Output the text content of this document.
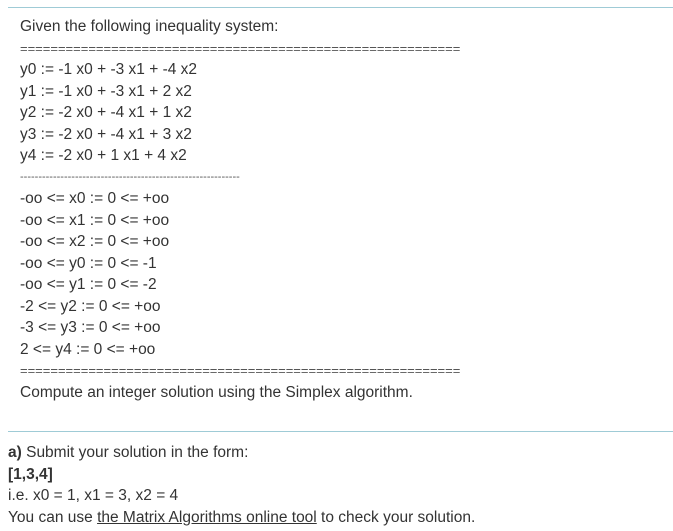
Given the following inequality system:
==========================================================
y0 := -1 x0 + -3 x1 + -4 x2
y1 := -1 x0 + -3 x1 + 2 x2
y2 := -2 x0 + -4 x1 + 1 x2
y3 := -2 x0 + -4 x1 + 3 x2
y4 := -2 x0 + 1 x1 + 4 x2
------------------------------------------------------------
-oo <= x0 := 0 <= +oo
-oo <= x1 := 0 <= +oo
-oo <= x2 := 0 <= +oo
-oo <= y0 := 0 <= -1
-oo <= y1 := 0 <= -2
-2 <= y2 := 0 <= +oo
-3 <= y3 := 0 <= +oo
2 <= y4 := 0 <= +oo
==========================================================
Compute an integer solution using the Simplex algorithm.
a) Submit your solution in the form:
[1,3,4]
i.e. x0 = 1, x1 = 3, x2 = 4
You can use the Matrix Algorithms online tool to check your solution.
